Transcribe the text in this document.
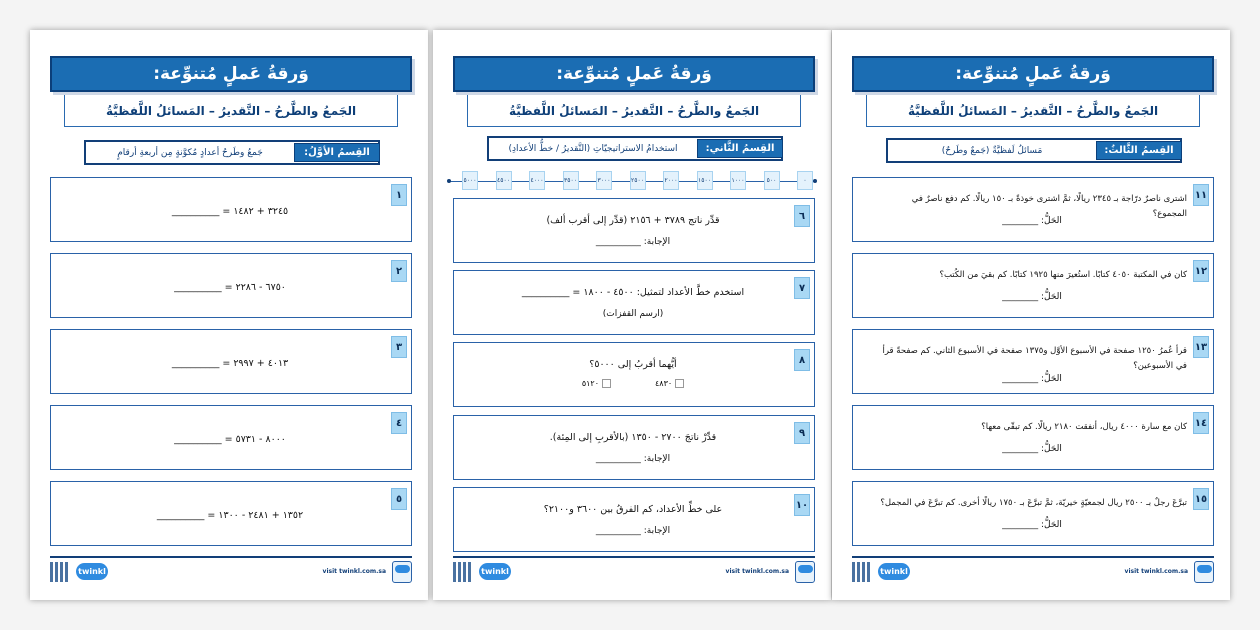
وَرقةُ عَملٍ مُتنوِّعة:
الجَمعُ والطَّرحُ – التَّقديرُ – المَسائلُ اللَّفظيَّةُ
القِسمُ الأوَّلُ:
جَمعُ وطَرحُ أعدادٍ مُكوَّنةٍ مِن أربعةِ أرقامٍ
١
٣٢٤٥ + ١٤٨٢ = __________
٢
٦٧٥٠ - ٢٢٨٦ = __________
٣
٤٠١٣ + ٢٩٩٧ = __________
٤
٨٠٠٠ - ٥٧٣١ = __________
٥
١٣٥٢ + ٢٤٨١ - ١٣٠٠ = __________
twinkl	visit twinkl.com.sa
وَرقةُ عَملٍ مُتنوِّعة:
الجَمعُ والطَّرحُ – التَّقديرُ – المَسائلُ اللَّفظيَّةُ
القِسمُ الثَّاني:
استخدامُ الاستراتيجيّاتِ (التَّقديرُ / خطُّ الأعدادِ)
٠
٥٠٠
١٠٠٠
١٥٠٠
٢٠٠٠
٢٥٠٠
٣٠٠٠
٣٥٠٠
٤٠٠٠
٤٥٠٠
٥٠٠٠
٦
قدِّر ناتج ٣٧٨٩ + ٢١٥٦ (قدِّر إلى أقرب ألف)
الإجابة: __________
٧
استخدم خطَّ الأعداد لتمثيل: ٤٥٠٠ - ١٨٠٠ = __________
(ارسم القفزات)
٨
أيُّهما أقربُ إلى ٥٠٠٠؟
٤٨٣٠٥١٢٠
٩
قدِّرْ ناتجَ ٢٧٠٠ - ١٣٥٠ (بالأقربِ إلى المِئة).
الإجابة: __________
١٠
على خطِّ الأعداد، كم الفرقُ بين ٣٦٠٠ و٢١٠٠؟
الإجابة: __________
twinkl	visit twinkl.com.sa
وَرقةُ عَملٍ مُتنوِّعة:
الجَمعُ والطَّرحُ – التَّقديرُ – المَسائلُ اللَّفظيَّةُ
القِسمُ الثَّالثُ:
مَسائلُ لَفظيَّةٌ (جَمعٌ وطَرحٌ)
١١
اشترى ناصرٌ درّاجة بـ ٢٣٤٥ ريالًا، ثمَّ اشترى خوذةً بـ ١٥٠ ريالًا. كم دفع ناصرٌ في المجموع؟
الحَلُّ: ________
١٢
كان في المكتبة ٤٠٥٠ كتابًا. استُعيرَ منها ١٩٢٥ كتابًا. كم بقيَ من الكُتب؟
الحَلُّ: ________
١٣
قرأ عُمرُ ١٢٥٠ صفحة في الأسبوع الأوَّل و١٣٧٥ صفحة في الأسبوع الثاني. كم صفحةً قرأ في الأسبوعين؟
الحَلُّ: ________
١٤
كان مع سارة ٤٠٠٠ ريال، أنفقت ٢١٨٠ ريالًا. كم تبقّى معها؟
الحَلُّ: ________
١٥
تبرَّعَ رجلٌ بـ ٢٥٠٠ ريال لجمعيّةٍ خيريّة، ثمَّ تبرَّعَ بـ ١٧٥٠ ريالًا أخرى. كم تبرَّعَ في المجمل؟
الحَلُّ: ________
twinkl	visit twinkl.com.sa
